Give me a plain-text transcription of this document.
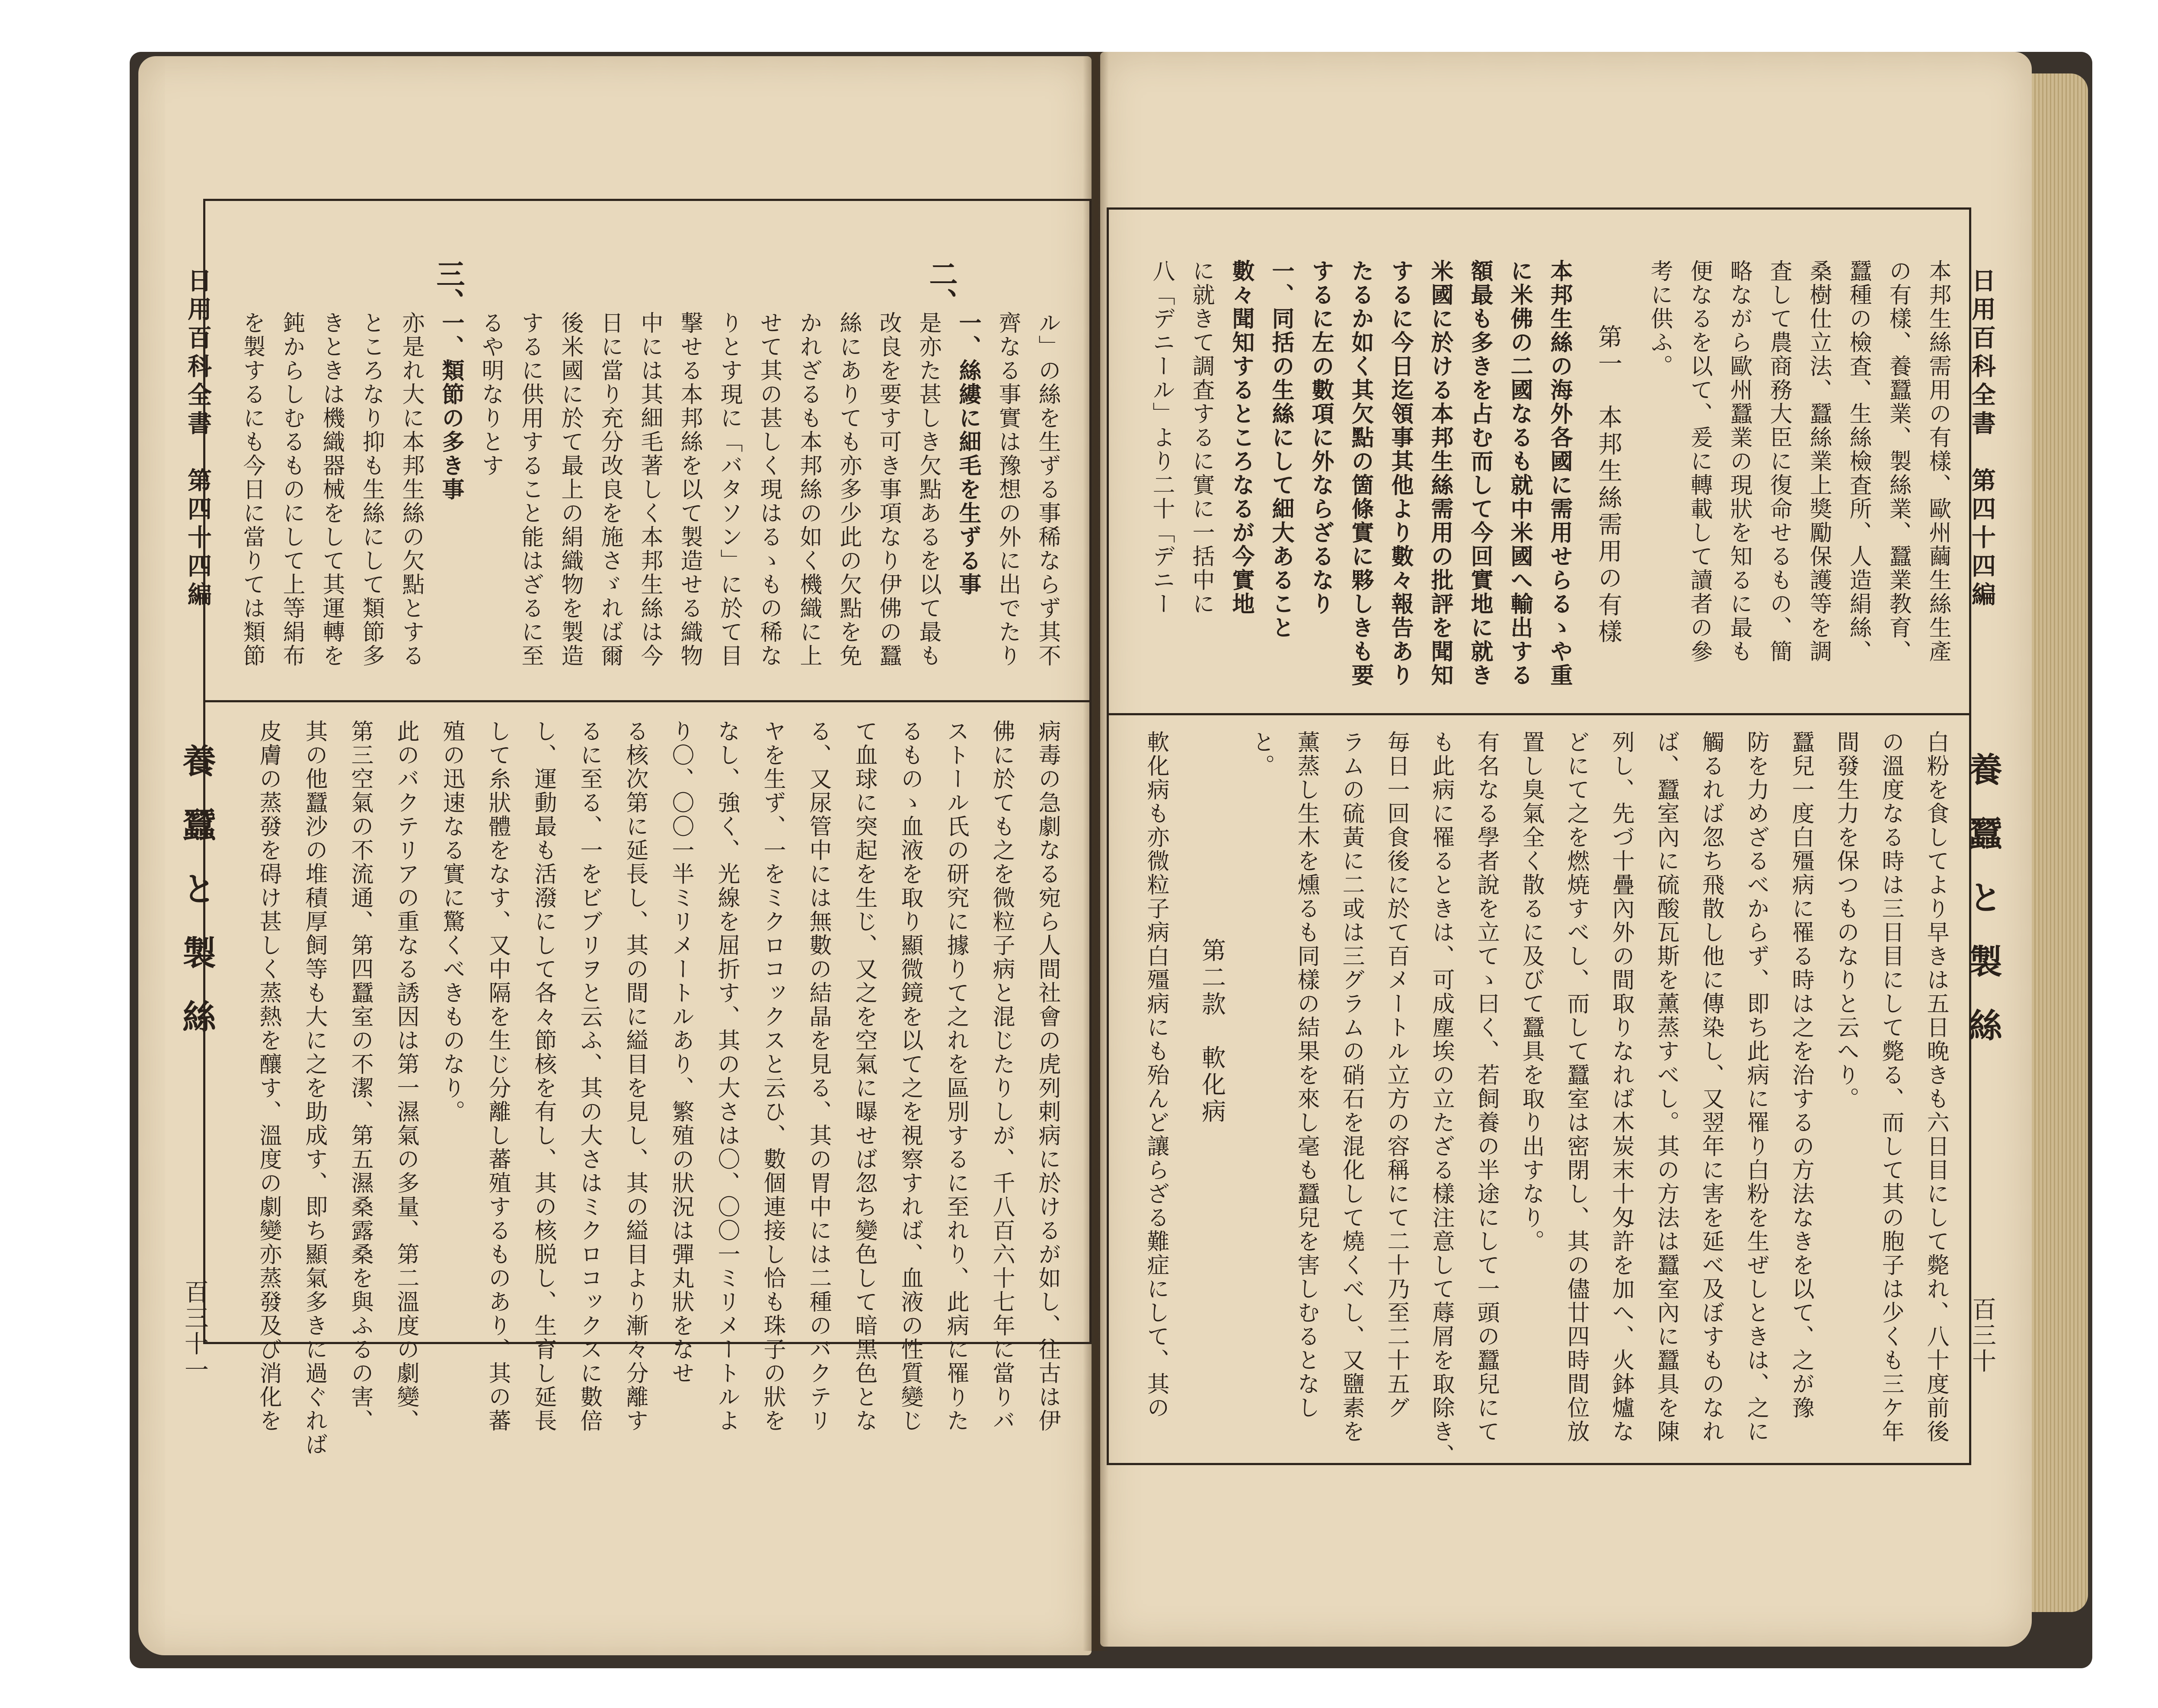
日用百科全書　第四十四編
養蠶と製絲
百三十一
日用百科全書　第四十四編
養蠶と製絲
百三十
二、
三、
ル」の絲を生ずる事稀ならず其不
齊なる事實は豫想の外に出でたり
一、絲縷に細毛を生ずる事
是亦た甚しき欠點あるを以て最も
改良を要す可き事項なり伊佛の蠶
絲にありても亦多少此の欠點を免
かれざるも本邦絲の如く機織に上
せて其の甚しく現はるゝもの稀な
りとす現に「バタソン」に於て目
撃せる本邦絲を以て製造せる織物
中には其細毛著しく本邦生絲は今
日に當り充分改良を施さゞれば爾
後米國に於て最上の絹織物を製造
するに供用すること能はざるに至
るや明なりとす
一、類節の多き事
亦是れ大に本邦生絲の欠點とする
ところなり抑も生絲にして類節多
きときは機織器械をして其運轉を
鈍からしむるものにして上等絹布
を製するにも今日に當りては類節
病毒の急劇なる宛ら人間社會の虎列剌病に於けるが如し、往古は伊
佛に於ても之を微粒子病と混じたりしが、千八百六十七年に當りバ
ストール氏の研究に據りて之れを區別するに至れり、此病に罹りた
るものゝ血液を取り顯微鏡を以て之を視察すれば、血液の性質變じ
て血球に突起を生じ、又之を空氣に曝せば忽ち變色して暗黑色とな
る、又尿管中には無數の結晶を見る、其の胃中には二種のバクテリ
ヤを生ず、一をミクロコックスと云ひ、數個連接し恰も珠子の狀を
なし、強く、光線を屈折す、其の大さは〇、〇〇一ミリメートルよ
り〇、〇〇一半ミリメートルあり、繁殖の狀況は彈丸狀をなせ
る核次第に延長し、其の間に縊目を見し、其の縊目より漸々分離す
るに至る、一をビブリヲと云ふ、其の大さはミクロコックスに數倍
し、運動最も活潑にして各々節核を有し、其の核脱し、生育し延長
して糸狀體をなす、又中隔を生じ分離し蕃殖するものあり、其の蕃
殖の迅速なる實に驚くべきものなり。
此のバクテリアの重なる誘因は第一濕氣の多量、第二溫度の劇變、
第三空氣の不流通、第四蠶室の不潔、第五濕桑露桑を與ふるの害、
其の他蠶沙の堆積厚飼等も大に之を助成す、即ち顯氣多きに過ぐれば
皮膚の蒸發を碍け甚しく蒸熱を釀す、溫度の劇變亦蒸發及び消化を
本邦生絲需用の有樣、歐州繭生絲生產
の有樣、養蠶業、製絲業、蠶業教育、
蠶種の檢査、生絲檢査所、人造絹絲、
桑樹仕立法、蠶絲業上獎勵保護等を調
査して農商務大臣に復命せるもの、簡
略ながら歐州蠶業の現狀を知るに最も
便なるを以て、爰に轉載して讀者の參
考に供ふ。
第一　本邦生絲需用の有樣
本邦生絲の海外各國に需用せらるゝや重
に米佛の二國なるも就中米國へ輸出する
額最も多きを占む而して今回實地に就き
米國に於ける本邦生絲需用の批評を聞知
するに今日迄領事其他より數々報告あり
たるか如く其欠點の箇條實に夥しきも要
するに左の數項に外ならざるなり
一、同括の生絲にして細大あること
數々聞知するところなるが今實地
に就きて調査するに實に一括中に
八「デニール」より二十「デニー
白粉を食してより早きは五日晚きも六日目にして斃れ、八十度前後
の溫度なる時は三日目にして斃る、而して其の胞子は少くも三ケ年
間發生力を保つものなりと云へり。
蠶兒一度白殭病に罹る時は之を治するの方法なきを以て、之が豫
防を力めざるべからず、即ち此病に罹り白粉を生ぜしときは、之に
觸るれば忽ち飛散し他に傳染し、又翌年に害を延べ及ぼすものなれ
ば、蠶室內に硫酸瓦斯を薰蒸すべし。其の方法は蠶室內に蠶具を陳
列し、先づ十疊內外の間取りなれば木炭末十匁許を加へ、火鉢爐な
どにて之を燃焼すべし、而して蠶室は密閉し、其の儘廿四時間位放
置し臭氣全く散るに及びて蠶具を取り出すなり。
有名なる學者說を立てゝ曰く、若飼養の半途にして一頭の蠶兒にて
も此病に罹るときは、可成塵埃の立たざる樣注意して蓐屑を取除き、
毎日一回食後に於て百メートル立方の容稱にて二十乃至二十五グ
ラムの硫黃に二或は三グラムの硝石を混化して燒くべし、又鹽素を
薰蒸し生木を燻るも同樣の結果を來し毫も蠶兒を害しむるとなし
と。
第二款　軟化病
軟化病も亦微粒子病白殭病にも殆んど讓らざる難症にして、其の
